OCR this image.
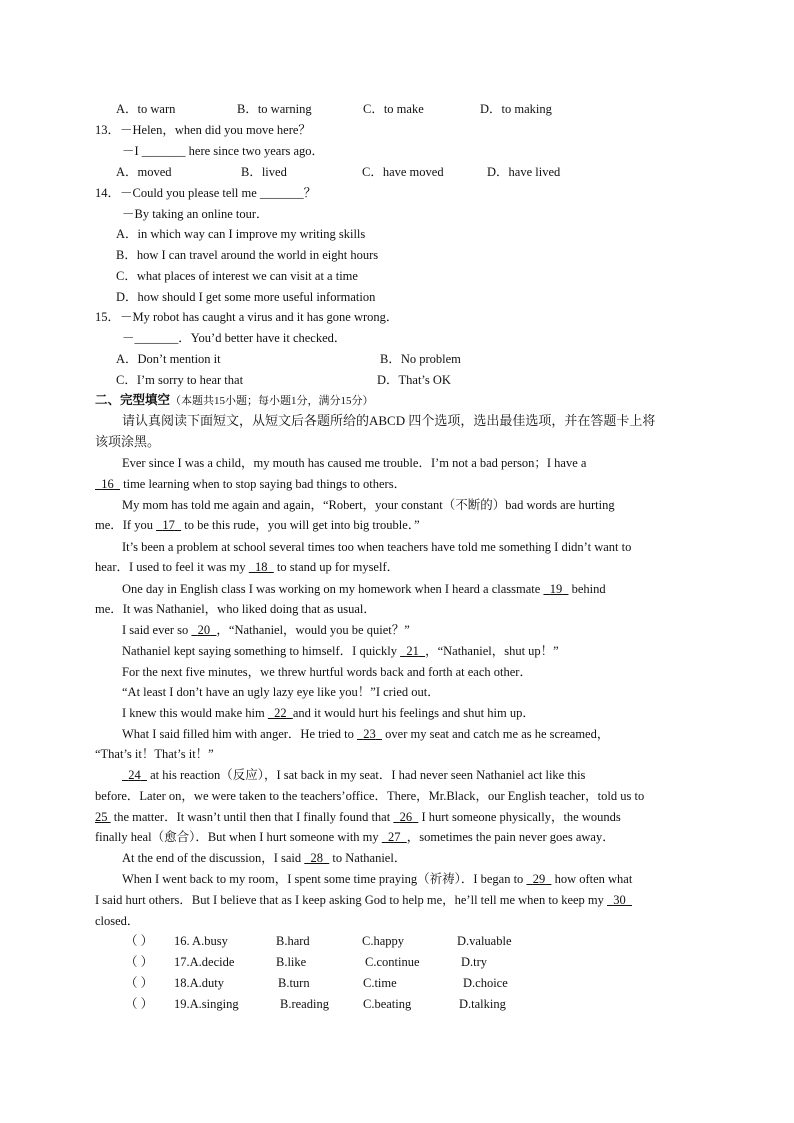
A．to warn	B．to warning	C．to make	D．to making
13．－Helen，when did you move here？
－I _______ here since two years ago．
A．moved	B．lived	C．have moved	D．have lived
14．－Could you please tell me _______？
－By taking an online tour．
A．in which way can I improve my writing skills
B．how I can travel around the world in eight hours
C．what places of interest we can visit at a time
D．how should I get some more useful information
15．－My robot has caught a virus and it has gone wrong．
－_______．You’d better have it checked．
A．Don’t mention it	B．No problem
C．I’m sorry to hear that	D．That’s OK
二、完型填空（本题共15小题；每小题1分，满分15分）
请认真阅读下面短文，从短文后各题所给的ABCD 四个选项，选出最佳选项，并在答题卡上将
该项涂黑。
Ever since I was a child，my mouth has caused me trouble．I’m not a bad person；I have a
16   time learning when to stop saying bad things to others．
My mom has told me again and again，“Robert，your constant（不断的）bad words are hurting
me．If you   17   to be this rude，you will get into big trouble．”
It’s been a problem at school several times too when teachers have told me something I didn’t want to
hear．I used to feel it was my   18   to stand up for myself．
One day in English class I was working on my homework when I heard a classmate   19   behind
me．It was Nathaniel，who liked doing that as usual．
I said ever so   20 ，“Nathaniel，would you be quiet？”
Nathaniel kept saying something to himself．I quickly   21 ，“Nathaniel，shut up！”
For the next five minutes，we threw hurtful words back and forth at each other．
“At least I don’t have an ugly lazy eye like you！”I cried out．
I knew this would make him   22 and it would hurt his feelings and shut him up．
What I said filled him with anger．He tried to   23   over my seat and catch me as he screamed，
“That’s it！That’s it！”
24   at his reaction（反应），I sat back in my seat．I had never seen Nathaniel act like this
before．Later on，we were taken to the teachers’office．There，Mr.Black，our English teacher，told us to
25  the matter．It wasn’t until then that I finally found that   26   I hurt someone physically，the wounds
finally heal（愈合）．But when I hurt someone with my   27 ，sometimes the pain never goes away．
At the end of the discussion，I said   28   to Nathaniel．
When I went back to my room，I spent some time praying（祈祷）．I began to   29   how often what
I said hurt others．But I believe that as I keep asking God to help me，he’ll tell me when to keep my   30
closed．
（ ） 16. A.busy	B.hard	C.happy	D.valuable
（ ） 17.A.decide	B.like	C.continue	D.try
（ ） 18.A.duty	B.turn	C.time	D.choice
（ ） 19.A.singing	B.reading	C.beating	D.talking
